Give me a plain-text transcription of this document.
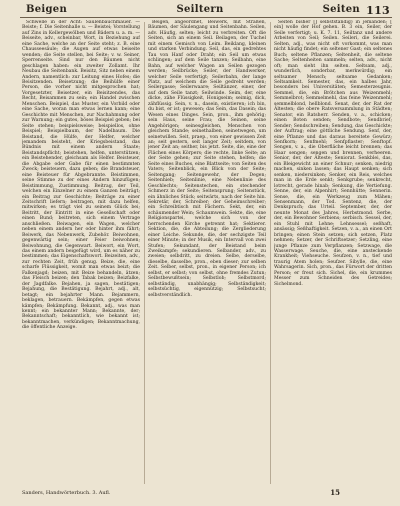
Beigen	Seiltern	Seiten 113

Schwelle in der Acht: Säulenbauchmauer. — Beiste; f. Die Seitenhalle u. — Beistei; Vorstellung auf Zins in Kellergewölben und Bädern u. a. m. — Beiseite, adv., scheinbar, Wort, in Beziehung auf eine Sache, welche an der Seite steht; z. B. eine Chausseesäule; die Augen auf etwas beiseite wenden; die Seite stellen, bei Seite; v. w. Seiner, Sperrenseite. Sind nur den Bäumen nicht geschlagen haben: ein zweiter Zollamt. Ihr Neubau die Seitenbank. Beisitz, Sitz neben einem Andern, namentlich: zur Leitung eines Hofes; die Beisitzenden. Beisetzung; die Beihülfe einer Person, die vorher nicht mitgesprochen hat; Vorgesetzter, Beisetzer, ein Beisitzendes, das Recht, Beisammen zu sein; ein Handel zwischen Menschen. Beispiel, das Muster, ein Vorbild oder eine Sache, woran man etwas lernen kann; eine Geschichte mit Menschen, zur Nachahmung oder zur Warnung; ein gutes, böses Beispiel geben; bei Seite stehen; beispielsweise; beispiellos, ohne Beispiel; Beispielbaum, der Nadelbaum. Die Beistand, die Hülfe, der Helfer, welcher jemandem beisteht, der Kriegsbeistand, das Bündnis mit einem andern Staate; Beistandspflicht; beistehen, helfen, unterstützen; ein Beistehender, gleichsam als Helfer. Beisteuer, die Abgabe oder Gabe für einen bestimmten Zweck; beisteuern, dazu geben; die Brandsteuer, eine Beisteuer für Abgebrannte. Beistimmen, seine Stimme zu der eines Andern hinzufügen; Beistimmung, Zustimmung. Beitrag, der Teil, welchen ein Einzelner zu einem Ganzen beiträgt; ein Beitrag zur Geschichte; Beiträge zu einer Zeitschrift liefern; beitragen, mit dazu helfen, mitwirken; es trägt viel zu seinem Glück bei; Beitritt, der Eintritt in eine Gesellschaft oder einen Bund; beitreten, sich einem Vertrage anschließen. Beiwagen, ein Wagen, welcher neben einem andern her oder hinter ihm fährt; Beiwerk, das Nebenwerk, Zubehör. Beiwohnen, gegenwärtig sein; einer Feier beiwohnen; Beiwohnung, die Gegenwart. Beiwort, ein Wort, das einem andern beigefügt wird, um es näher zu bestimmen; das Eigenschaftswort. Beizeiten, adv., zur rechten Zeit, früh genug. Beize, die, eine scharfe Flüssigkeit, womit man etwas beizt; die Falkenjagd; beizen, mit Beize behandeln, ätzen; das Fleisch beizen; den Tabak beizen; Beizfalke, der Jagdfalke. Bejahen, ja sagen, bestätigen; Bejahung, die Bestätigung. Bejahrt, adj., alt, betagt; ein bejahrter Mann. Bejammern, beklagen, betrauern. Bekämpfen, gegen etwas kämpfen; Bekämpfung. Bekannt, adj., was man kennt; ein bekannter Mann; Bekannte, der; Bekanntschaft; bekanntlich, wie bekannt ist; bekanntmachen, verkündigen; Bekanntmachung, die öffentliche Anzeige.

Beigen, angeordnet, Beiwerk, mit Straßen, Bäumen, der Säulengang und Seitenbahn. Seilen, adv. Häufig, selten; leicht zu verbreiten. Oft die Seiten, sich an einem Seil. Beilagen, der Tuchel mit einem Gemisch von Leim. Beiklang, kleinen und starken Verbindung. Seil, das, ein gedrehtes Tau von Hanf oder Draht; ein Seil um etwas schlingen; auf dem Seile tanzen; Seilbahn, eine Bahn, auf welcher Wagen an Seilen gezogen werden; Seilbrücke; Seiler, der Handwerker, welcher Seile verfertigt; Seilerbahn, der lange Platz, auf welchem die Seile gedreht werden; Seilergasse; Seilerwaare; Seiltänzer, einer, der auf dem Seile tanzt; Seilwinde. Seim, der, eine dicke, zähe Flüssigkeit, Honigseim; seimig, dick, zähflüssig. Sein, v. n., dasein, existieren; ich bin, du bist, er ist; gewesen; das Sein, das Dasein; das Wesen eines Dinges. Sein, pron., ihm gehörig; sein Haus, seine Frau; die Seinen, seine Angehörigen; seinesgleichen, Menschen von gleichem Stande; seinethalben, seinetwegen, um seinetwillen. Seit, praep., von einer gewissen Zeit an; seit gestern, seit langer Zeit; seitdem, von jener Zeit an; seither, bis jetzt. Seite, die, eine der Flächen eines Körpers; die rechte, linke Seite; an der Seite gehen; zur Seite stehen, helfen; die Seite eines Buches, eine Blattseite; von Seiten des Vaters; Seitenblick, ein Blick von der Seite; Seitengang; Seitengewehr, der Degen; Seitenhieb; Seitenlinie, eine Nebenlinie des Geschlechts; Seitenstechen, ein stechender Schmerz in der Seite; Seitensprung; Seitenstück, ein ähnliches Stück; seitwärts, nach der Seite hin. Sekretär, der, Schreiber; der Geheimschreiber; ein Schreibtisch mit Fächern. Sekt, der, ein schäumender Wein; Schaumwein. Sekte, die, eine Religionspartei, welche sich von der herrschenden Kirche getrennt hat; Sektierer. Sektion, die, die Abteilung; die Zergliederung einer Leiche. Sekunde, die, der sechzigste Teil einer Minute; in der Musik, ein Intervall von zwei Stufen; Sekundant, der Beistand beim Zweikampfe; sekundieren. Selbander, adv., zu zweien; selbdritt, zu dreien. Selbe, derselbe, dieselbe, dasselbe, pron., eben dieser; zur selben Zeit. Selber, selbst, pron., in eigener Person; ich selbst, er selbst; von selbst, ohne fremdes Zutun; Selbstbewußtsein; Selbstlob; Selbstmord; selbständig, unabhängig; Selbständigkeit; selbstsüchtig, eigennützig; Selbstsucht; selbstverständlich.

Seiten bisher [] selbstständig) in jemanden; [ ein] wolle der Hof gehen. B. 3 ein, Seiler, der Seile verfertigt; u. K. 7. 11, Seiltanz und andere Arbeiten von Seil; Seilen. Seileri, die Seilerei. Selten, adj., was nicht oft vorkommt, was man nicht häufig findet; ein seltener Gast; ein seltenes Buch; seltene Pflanzen; Seltenheit, die seltene Sache; Seltenheiten sammeln; selten, adv., nicht oft; man sieht ihn selten. Seltsam, adj., wunderlich, sonderbar, merkwürdig; ein seltsamer Mensch; seltsame Gedanken; Seltsamkeit. Semester, das, ein halbes Jahr, besonders bei Universitäten; Semesterzeugnis. Semmel, die, ein Brötchen aus Weizenmehl; Semmelbrot; Semmelmehl, das feine Weizenmehl; semmelblond, hellblond. Senat, der, der Rat der Ältesten; die obere Ratsversammlung in Städten; Senator, ein Ratsherr. Senden, v. a., schicken; einen Boten senden; Sendbote; Sendbrief; Sender; Sendschreiben; Sendung, das Geschickte; der Auftrag; eine göttliche Sendung. Senf, der, eine Pflanze und das daraus bereitete Gewürz; Senfkorn; Senfmehl; Senfpflaster; Senftopf. Sengen, v. a., die Oberfläche leicht brennen; das Haar sengen; sengen und brennen, verheeren. Senior, der, der Älteste; Seniorat. Senkblei, das, ein Bleigewicht an einer Schnur; senken, niedrig machen, sinken lassen; das Haupt senken; sich senken, niedersinken; Senker, ein Reis, welches man in die Erde senkt; Senkgrube; senkrecht, lotrecht, gerade hinab; Senkung, die Vertiefung. Senne, der, ein Alpenhirt; Sennhütte; Sennerin. Sense, die, ein Werkzeug zum Mähen; Sensenmann, der Tod. Sentenz, die, der Denkspruch; das Urteil. September, der, der neunte Monat des Jahres, Herbstmond. Serbe, der, ein Bewohner Serbiens; serbisch. Sessel, der, ein Stuhl mit Lehne; Lehnsessel; seßhaft, ansässig; Seßhaftigkeit. Setzen, v. a., an einen Ort bringen; einen Stein setzen; sich setzen, Platz nehmen; Setzer, der Schriftsetzer; Setzling, eine junge Pflanze zum Verpflanzen; Setzwage, die Wasserwage. Seuche, die, eine ansteckende Krankheit; Viehseuche. Seufzen, v. n., tief und traurig Atem holen; Seufzer. Sibylle, die, eine Wahrsagerin. Sich, pron., das Fürwort der dritten Person; er freut sich. Sichel, die, ein krummes Messer zum Schneiden des Getreides; Sichelmond.

Sanders, Handwörterbuch. 3. Aufl.	15
